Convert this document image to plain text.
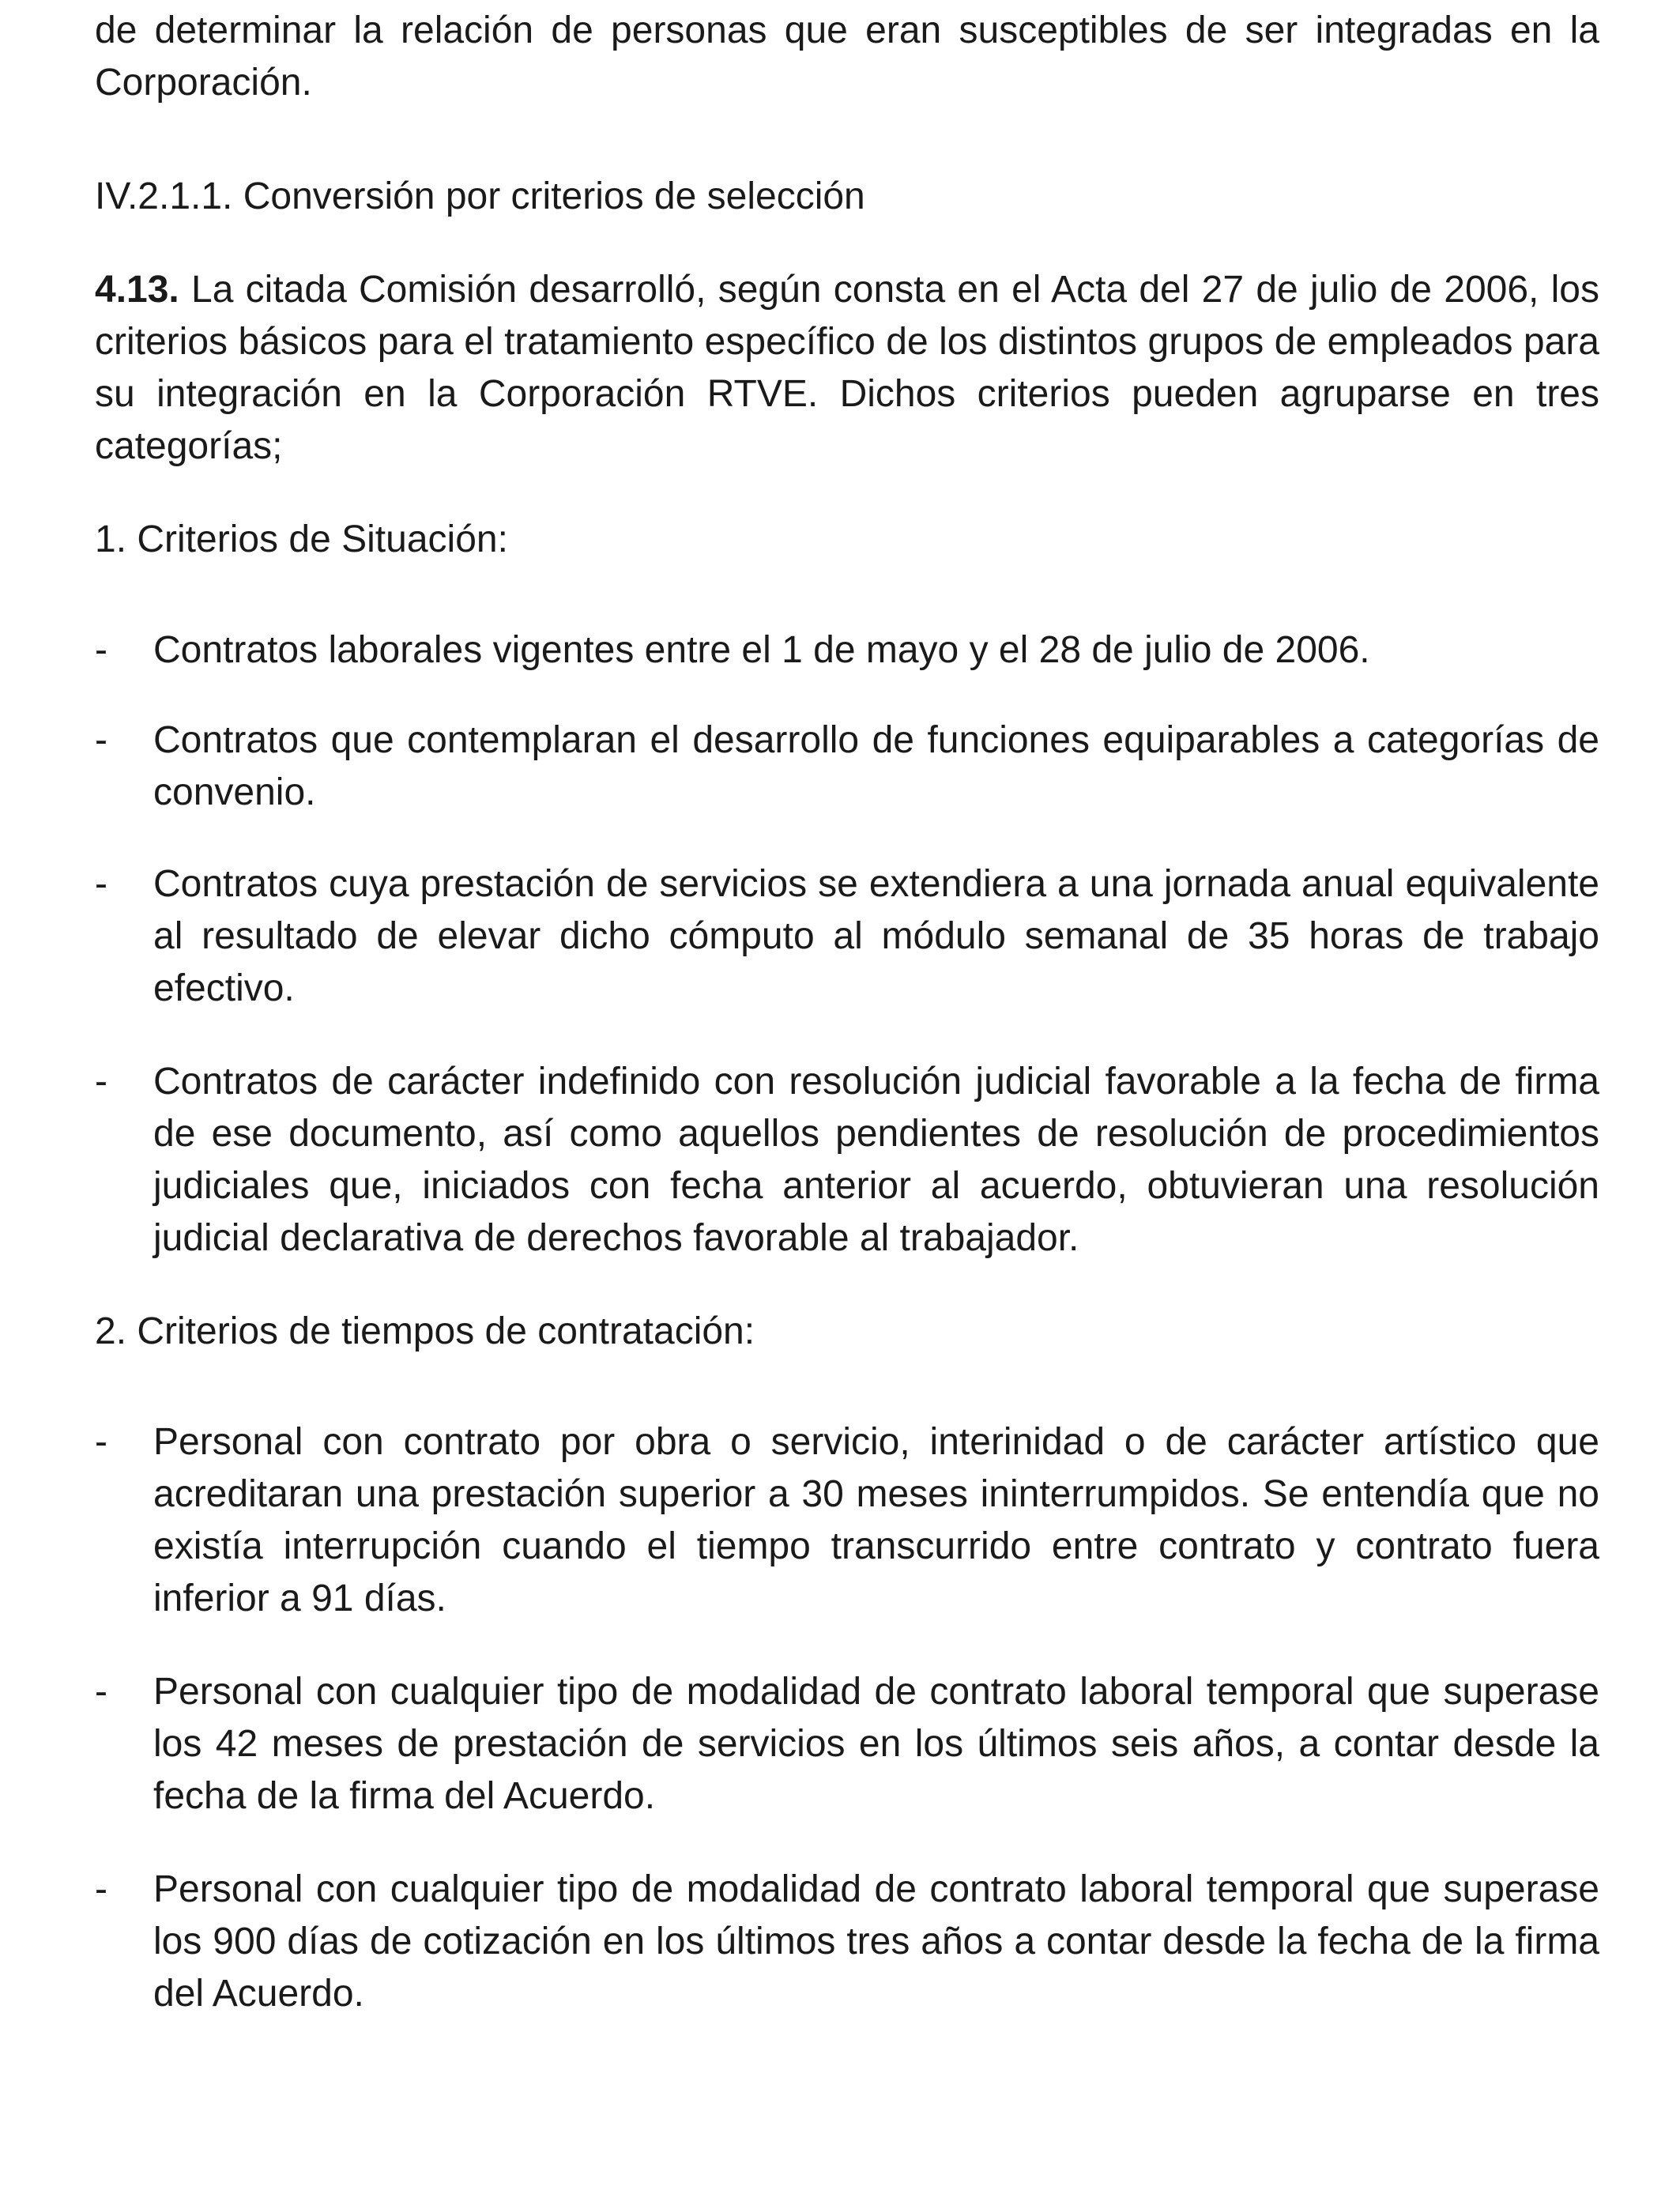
de determinar la relación de personas que eran susceptibles de ser integradas en la Corporación.

IV.2.1.1. Conversión por criterios de selección

4.13. La citada Comisión desarrolló, según consta en el Acta del 27 de julio de 2006, los criterios básicos para el tratamiento específico de los distintos grupos de empleados para su integración en la Corporación RTVE. Dichos criterios pueden agruparse en tres categorías;

1. Criterios de Situación:

- Contratos laborales vigentes entre el 1 de mayo y el 28 de julio de 2006.

- Contratos que contemplaran el desarrollo de funciones equiparables a categorías de convenio.

- Contratos cuya prestación de servicios se extendiera a una jornada anual equivalente al resultado de elevar dicho cómputo al módulo semanal de 35 horas de trabajo efectivo.

- Contratos de carácter indefinido con resolución judicial favorable a la fecha de firma de ese documento, así como aquellos pendientes de resolución de procedimientos judiciales que, iniciados con fecha anterior al acuerdo, obtuvieran una resolución judicial declarativa de derechos favorable al trabajador.

2. Criterios de tiempos de contratación:

- Personal con contrato por obra o servicio, interinidad o de carácter artístico que acreditaran una prestación superior a 30 meses ininterrumpidos. Se entendía que no existía interrupción cuando el tiempo transcurrido entre contrato y contrato fuera inferior a 91 días.

- Personal con cualquier tipo de modalidad de contrato laboral temporal que superase los 42 meses de prestación de servicios en los últimos seis años, a contar desde la fecha de la firma del Acuerdo.

- Personal con cualquier tipo de modalidad de contrato laboral temporal que superase los 900 días de cotización en los últimos tres años a contar desde la fecha de la firma del Acuerdo.
